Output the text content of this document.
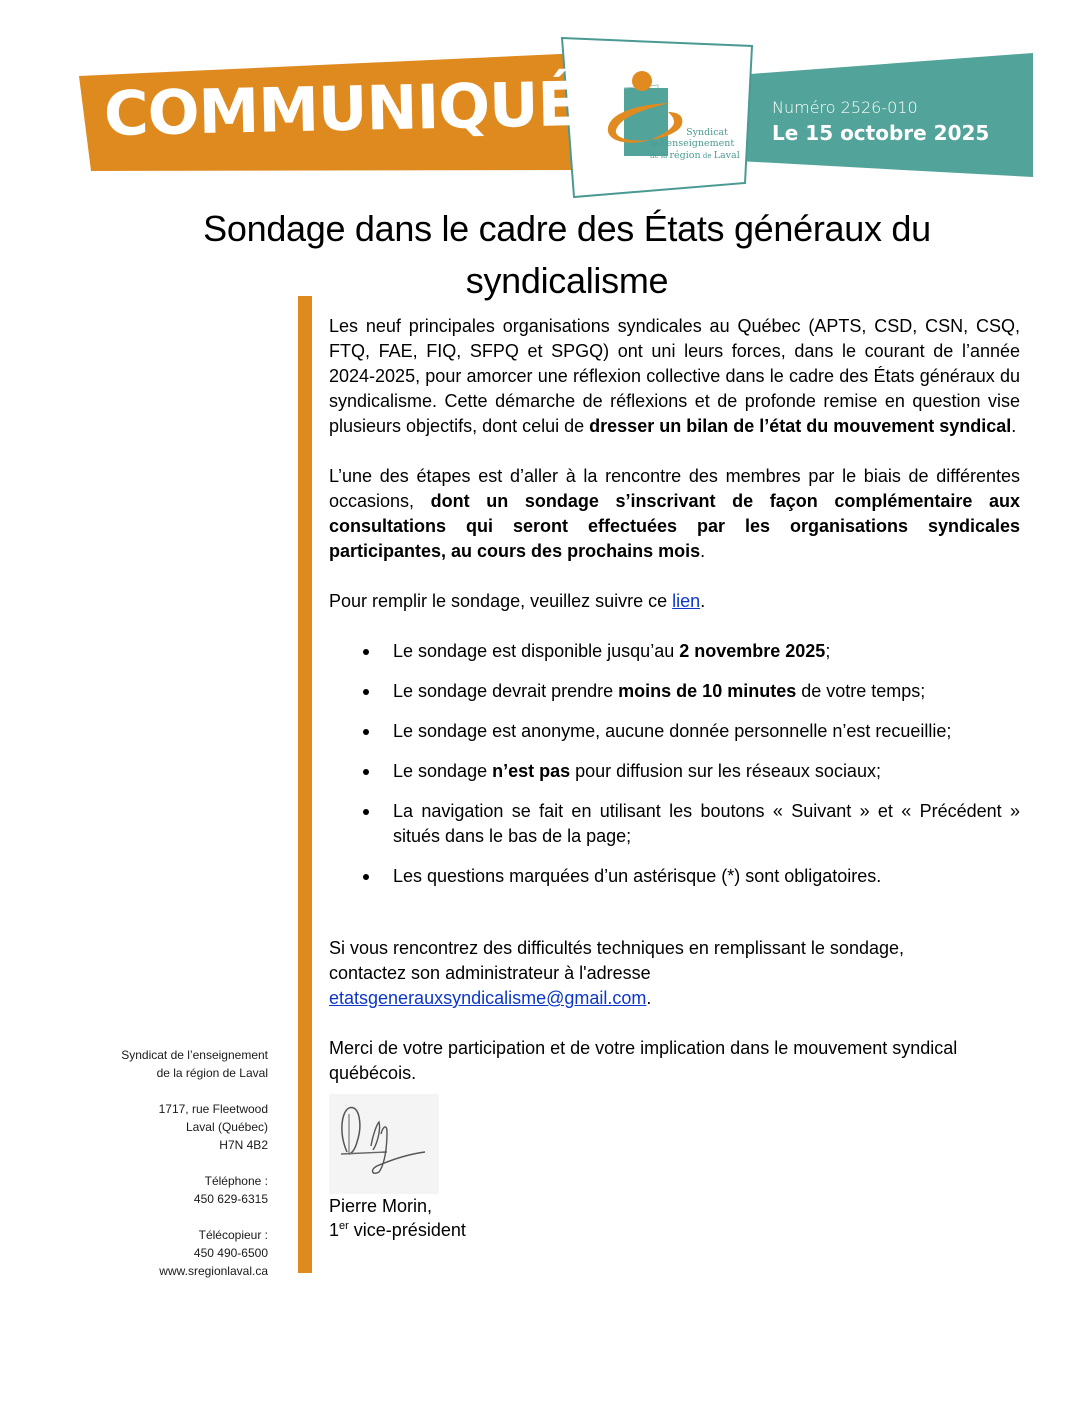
COMMUNIQUÉ	Syndicat
de l'enseignement
de la région de Laval
Numéro 2526-010
Le 15 octobre 2025
Sondage dans le cadre des États généraux du
syndicalisme

Les neuf principales organisations syndicales au Québec (APTS, CSD, CSN, CSQ, FTQ, FAE, FIQ, SFPQ et SPGQ) ont uni leurs forces, dans le courant de l’année 2024-2025, pour amorcer une réflexion collective dans le cadre des États généraux du syndicalisme. Cette démarche de réflexions et de profonde remise en question vise plusieurs objectifs, dont celui de dresser un bilan de l’état du mouvement syndical.

L’une des étapes est d’aller à la rencontre des membres par le biais de différentes occasions, dont un sondage s’inscrivant de façon complémentaire aux consultations qui seront effectuées par les organisations syndicales participantes, au cours des prochains mois.

Pour remplir le sondage, veuillez suivre ce lien.

Le sondage est disponible jusqu’au 2 novembre 2025;
Le sondage devrait prendre moins de 10 minutes de votre temps;
Le sondage est anonyme, aucune donnée personnelle n’est recueillie;
Le sondage n’est pas pour diffusion sur les réseaux sociaux;
La navigation se fait en utilisant les boutons « Suivant » et « Précédent » situés dans le bas de la page;
Les questions marquées d’un astérisque (*) sont obligatoires.

Si vous rencontrez des difficultés techniques en remplissant le sondage,
contactez son administrateur à l'adresse
etatsgenerauxsyndicalisme@gmail.com.

Merci de votre participation et de votre implication dans le mouvement syndical québécois.

Pierre Morin,
1er vice-président
Syndicat de l’enseignement
de la région de Laval
1717, rue Fleetwood
Laval (Québec)
H7N 4B2
Téléphone :
450 629-6315
Télécopieur :
450 490-6500
www.sregionlaval.ca
